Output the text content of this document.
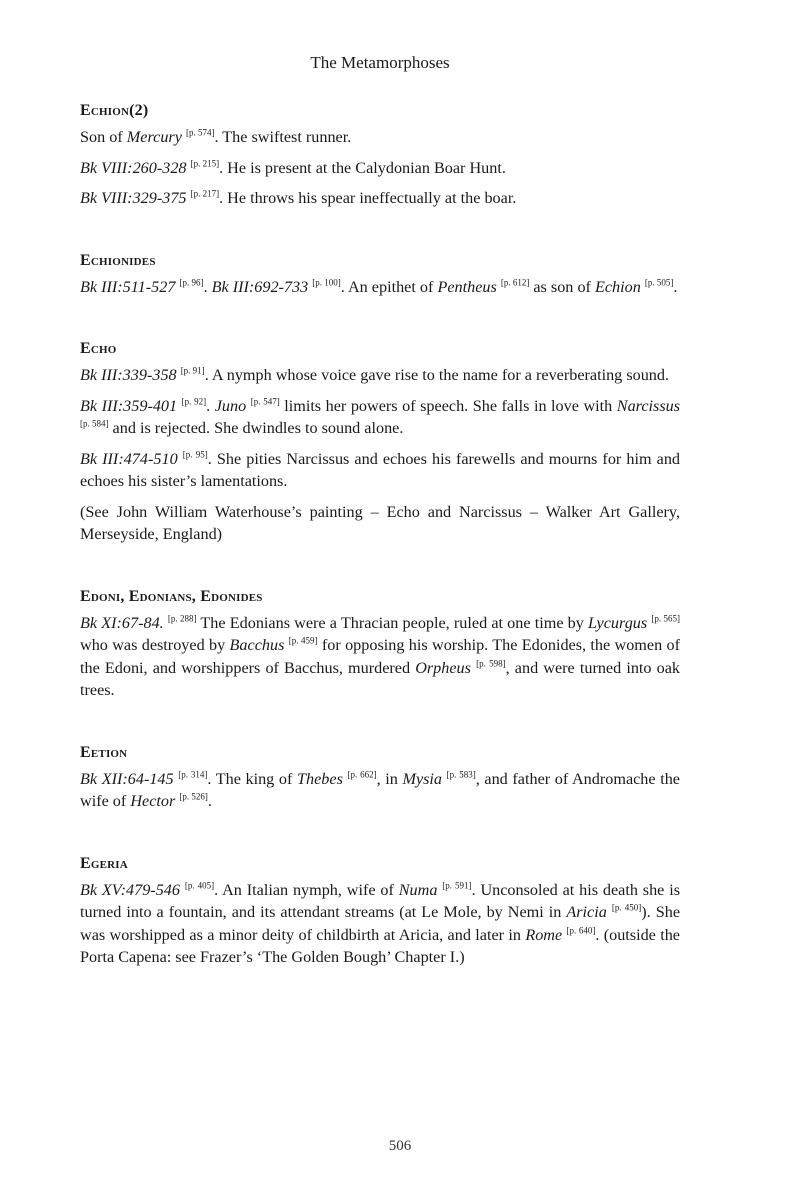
The Metamorphoses
Echion(2)

Son of Mercury [p. 574]. The swiftest runner.

Bk VIII:260-328 [p. 215]. He is present at the Calydonian Boar Hunt.

Bk VIII:329-375 [p. 217]. He throws his spear ineffectually at the boar.

Echionides

Bk III:511-527 [p. 96]. Bk III:692-733 [p. 100]. An epithet of Pentheus [p. 612] as son of Echion [p. 505].

Echo

Bk III:339-358 [p. 91]. A nymph whose voice gave rise to the name for a reverberating sound.

Bk III:359-401 [p. 92]. Juno [p. 547] limits her powers of speech. She falls in love with Narcissus [p. 584] and is rejected. She dwindles to sound alone.

Bk III:474-510 [p. 95]. She pities Narcissus and echoes his farewells and mourns for him and echoes his sister’s lamentations.

(See John William Waterhouse’s painting – Echo and Narcissus – Walker Art Gallery, Merseyside, England)

Edoni, Edonians, Edonides

Bk XI:67-84. [p. 288] The Edonians were a Thracian people, ruled at one time by Lycurgus [p. 565] who was destroyed by Bacchus [p. 459] for opposing his worship. The Edonides, the women of the Edoni, and worshippers of Bacchus, murdered Orpheus [p. 598], and were turned into oak trees.

Eetion

Bk XII:64-145 [p. 314]. The king of Thebes [p. 662], in Mysia [p. 583], and father of Andromache the wife of Hector [p. 526].

Egeria

Bk XV:479-546 [p. 405]. An Italian nymph, wife of Numa [p. 591]. Unconsoled at his death she is turned into a fountain, and its attendant streams (at Le Mole, by Nemi in Aricia [p. 450]). She was worshipped as a minor deity of childbirth at Aricia, and later in Rome [p. 640]. (outside the Porta Capena: see Frazer’s ‘The Golden Bough’ Chapter I.)

506
